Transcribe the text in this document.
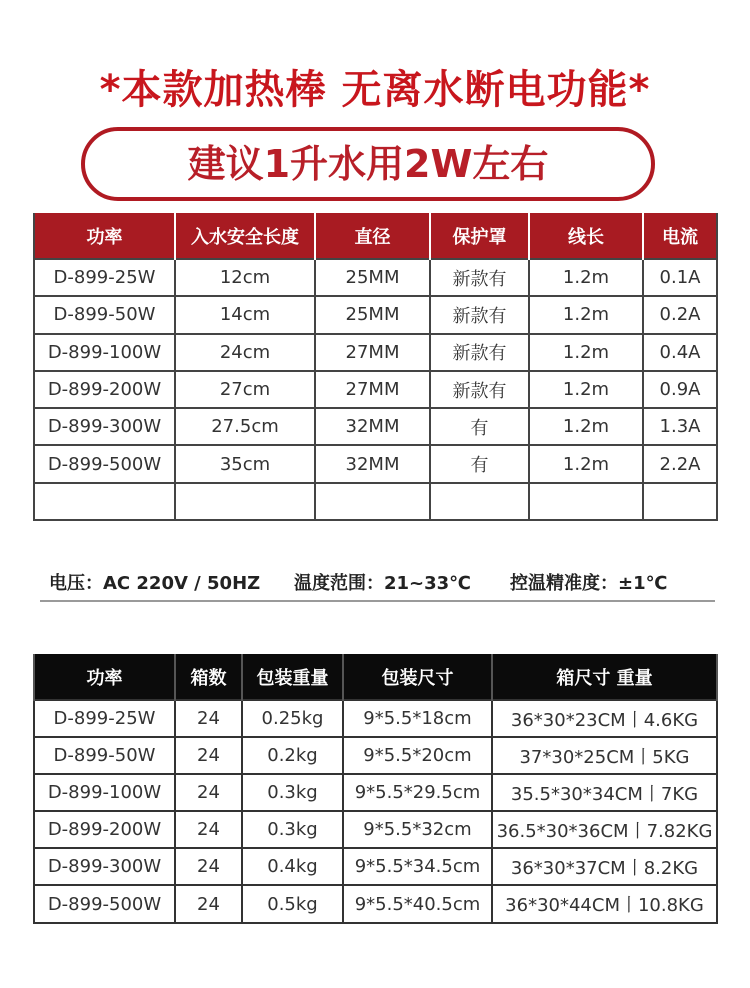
*本款加热棒 无离水断电功能*
建议1升水用2W左右
功率	入水安全长度	直径	保护罩	线长	电流
D-899-25W	12cm	25MM	新款有	1.2m	0.1A
D-899-50W	14cm	25MM	新款有	1.2m	0.2A
D-899-100W	24cm	27MM	新款有	1.2m	0.4A
D-899-200W	27cm	27MM	新款有	1.2m	0.9A
D-899-300W	27.5cm	32MM	有	1.2m	1.3A
D-899-500W	35cm	32MM	有	1.2m	2.2A

电压：AC 220V / 50HZ 温度范围：21~33℃ 控温精准度：±1℃
功率	箱数	包装重量	包装尺寸	箱尺寸 重量
D-899-25W	24	0.25kg	9*5.5*18cm	36*30*23CM丨4.6KG
D-899-50W	24	0.2kg	9*5.5*20cm	37*30*25CM丨5KG
D-899-100W	24	0.3kg	9*5.5*29.5cm	35.5*30*34CM丨7KG
D-899-200W	24	0.3kg	9*5.5*32cm	36.5*30*36CM丨7.82KG
D-899-300W	24	0.4kg	9*5.5*34.5cm	36*30*37CM丨8.2KG
D-899-500W	24	0.5kg	9*5.5*40.5cm	36*30*44CM丨10.8KG
